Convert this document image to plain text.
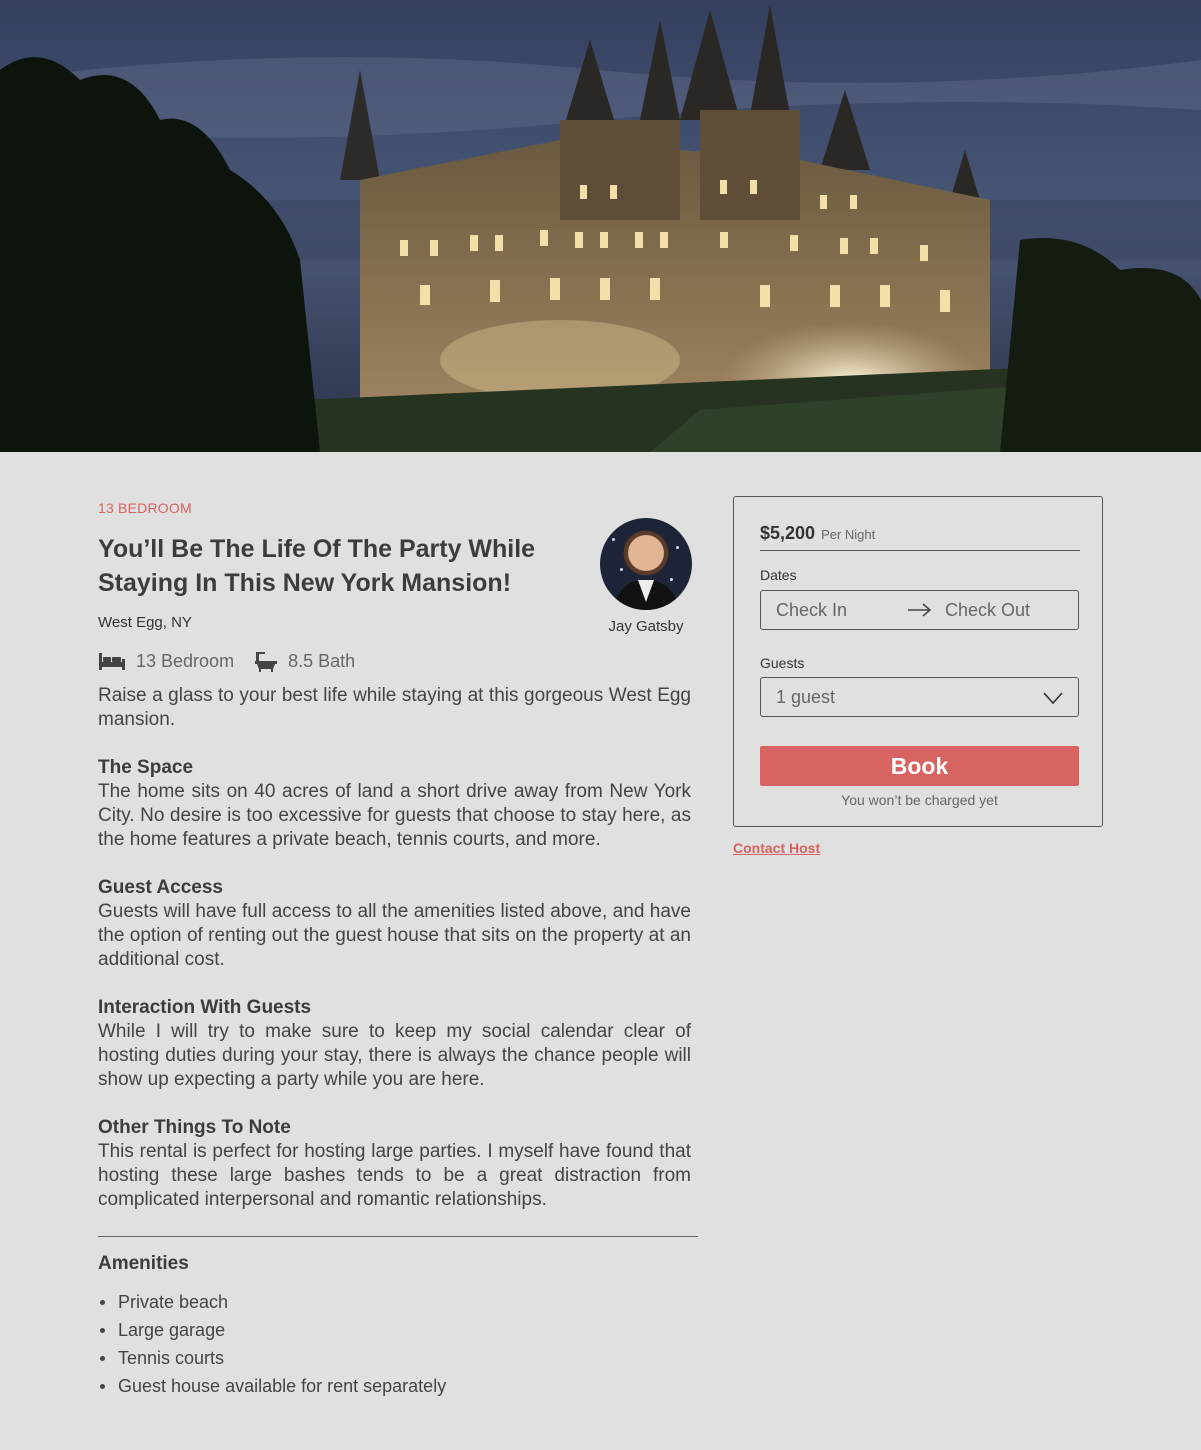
13 BEDROOM
You’ll Be The Life Of The Party While Staying In This New York Mansion!
West Egg, NY	Jay Gatsby
13 Bedroom	8.5 Bath

Raise a glass to your best life while staying at this gorgeous West Egg mansion.

The Space

The home sits on 40 acres of land a short drive away from New York City. No desire is too excessive for guests that choose to stay here, as the home features a private beach, tennis courts, and more.

Guest Access

Guests will have full access to all the amenities listed above, and have the option of renting out the guest house that sits on the property at an additional cost.

Interaction With Guests

While I will try to make sure to keep my social calendar clear of hosting duties during your stay, there is always the chance people will show up expecting a party while you are here.

Other Things To Note

This rental is perfect for hosting large parties. I myself have found that hosting these large bashes tends to be a great distraction from complicated interpersonal and romantic relationships.

Amenities
Private beach
Large garage
Tennis courts
Guest house available for rent separately
$5,200 Per Night
Dates
Check In	Check Out
Guests
1 guest
Book
You won’t be charged yet
Contact Host
